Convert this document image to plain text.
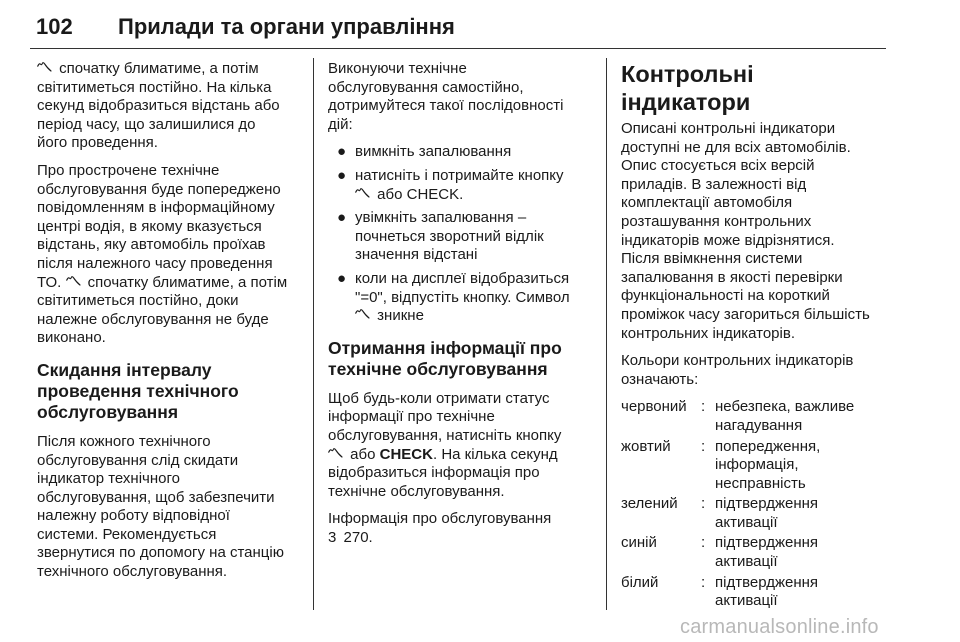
102 Прилади та органи управління

〽 спочатку блиматиме, а потім
світитиметься постійно. На кілька
секунд відобразиться відстань або
період часу, що залишилися до
його проведення.

Про прострочене технічне
обслуговування буде попереджено
повідомленням в інформаційному
центрі водія, в якому вказується
відстань, яку автомобіль проїхав
після належного часу проведення
ТО. 〽 спочатку блиматиме, а потім
світитиметься постійно, доки
належне обслуговування не буде
виконано.

Скидання інтервалу
проведення технічного
обслуговування

Після кожного технічного
обслуговування слід скидати
індикатор технічного
обслуговування, щоб забезпечити
належну роботу відповідної
системи. Рекомендується
звернутися по допомогу на станцію
технічного обслуговування.

Виконуючи технічне
обслуговування самостійно,
дотримуйтеся такої послідовності
дій:

● вимкніть запалювання
● натисніть і потримайте кнопку
〽 або CHECK.
● увімкніть запалювання –
почнеться зворотний відлік
значення відстані
● коли на дисплеї відобразиться
"=0", відпустіть кнопку. Символ
〽 зникне
Отримання інформації про
технічне обслуговування

Щоб будь-коли отримати статус
інформації про технічне
обслуговування, натисніть кнопку
〽 або CHECK. На кілька секунд
відобразиться інформація про
технічне обслуговування.

Інформація про обслуговування
3 270.

Контрольні індикатори

Описані контрольні індикатори
доступні не для всіх автомобілів.
Опис стосується всіх версій
приладів. В залежності від
комплектації автомобіля
розташування контрольних
індикаторів може відрізнятися.
Після ввімкнення системи
запалювання в якості перевірки
функціональності на короткий
проміжок часу загориться більшість
контрольних індикаторів.

Кольори контрольних індикаторів
означають:

червоний : небезпека, важливе
нагадування
жовтий : попередження,
інформація,
несправність
зелений : підтвердження
активації
синій	: підтвердження
активації
білий	: підтвердження
активації
carmanualsonline.info
